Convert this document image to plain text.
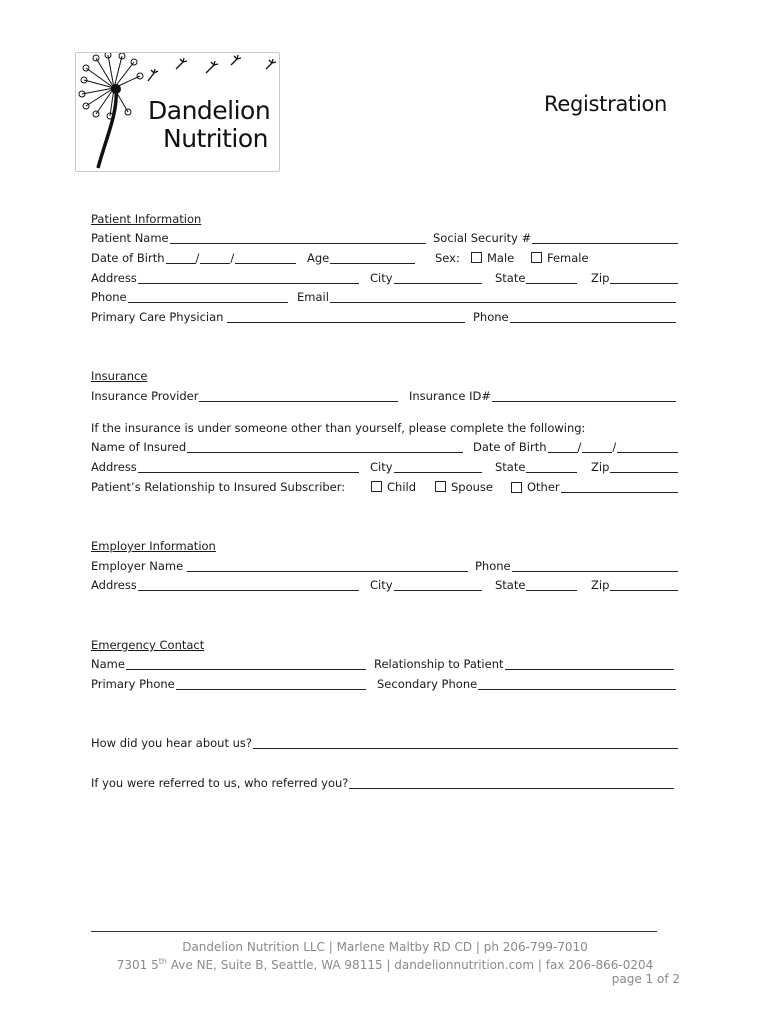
Dandelion
Nutrition
Registration
Patient Information
Patient Name	Social Security #
Date of Birth	/	/	Age	Sex:	Male	Female
Address	City	State	Zip
Phone	Email
Primary Care Physician	Phone
Insurance
Insurance Provider	Insurance ID#
If the insurance is under someone other than yourself, please complete the following:
Name of Insured	Date of Birth	/	/
Address	City	State	Zip
Patient’s Relationship to Insured Subscriber:	Child	Spouse	Other
Employer Information
Employer Name	Phone
Address	City	State	Zip
Emergency Contact
Name	Relationship to Patient
Primary Phone	Secondary Phone
How did you hear about us?
If you were referred to us, who referred you?
Dandelion Nutrition LLC | Marlene Maltby RD CD | ph 206-799-7010
7301 5th Ave NE, Suite B, Seattle, WA 98115 | dandelionnutrition.com | fax 206-866-0204
page 1 of 2
